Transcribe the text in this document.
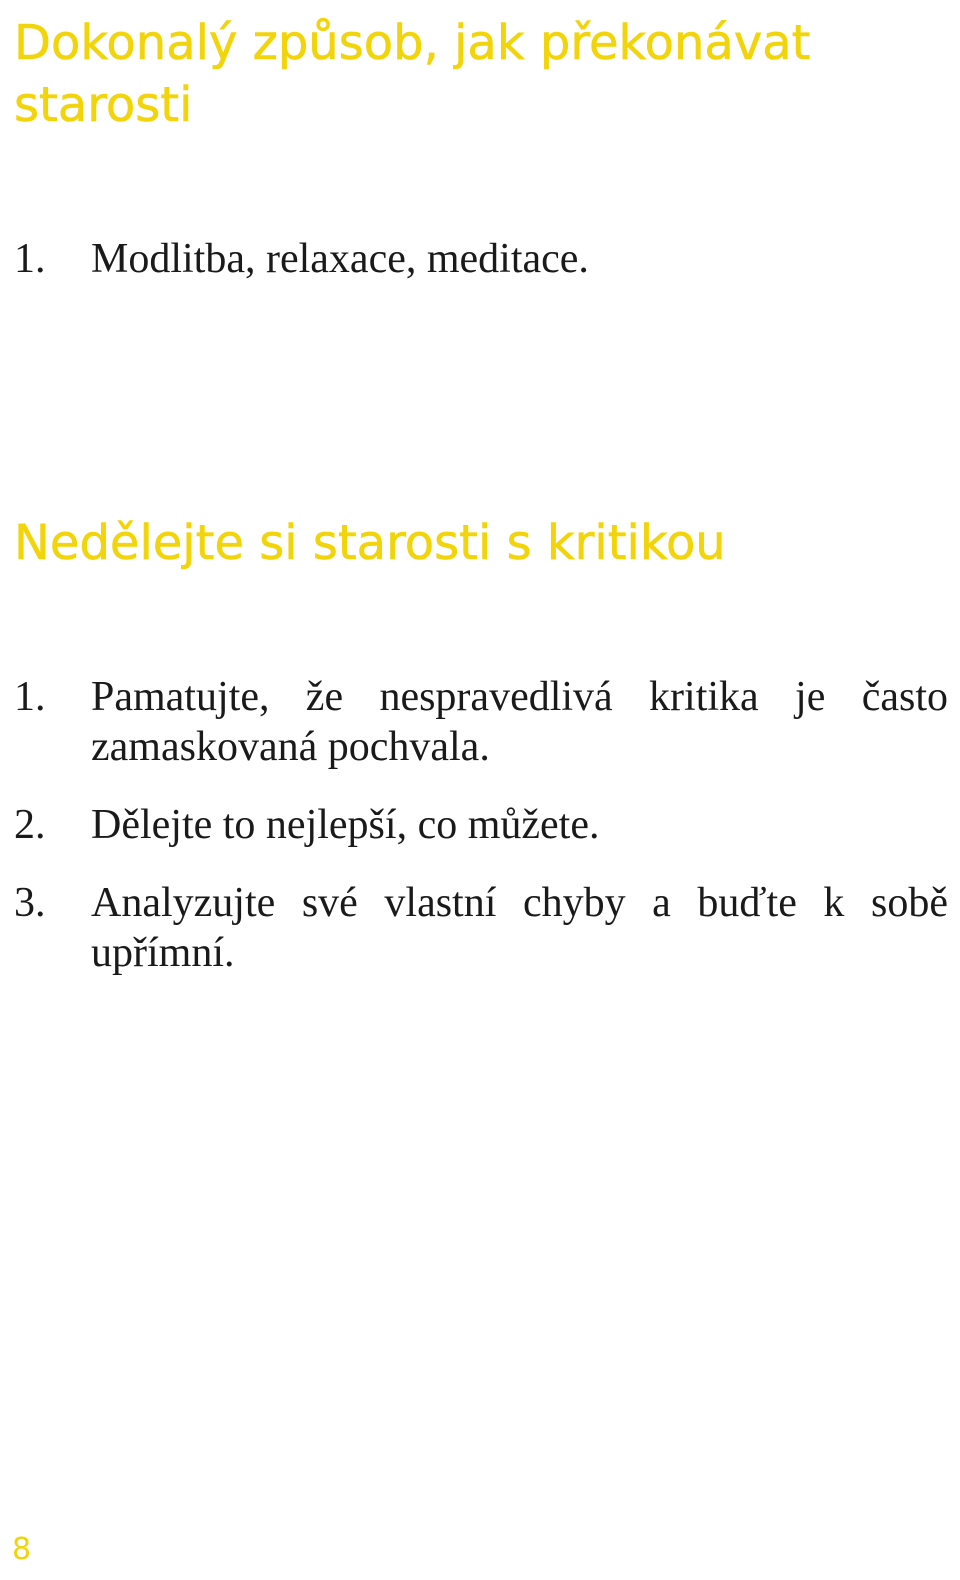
Dokonalý způsob, jak překonávat starosti
1. Modlitba, relaxace, meditace.
Nedělejte si starosti s kritikou
1. Pamatujte, že nespravedlivá kritika je často zamaskovaná pochvala.
2. Dělejte to nejlepší, co můžete.
3. Analyzujte své vlastní chyby a buďte k sobě upřímní.
8
